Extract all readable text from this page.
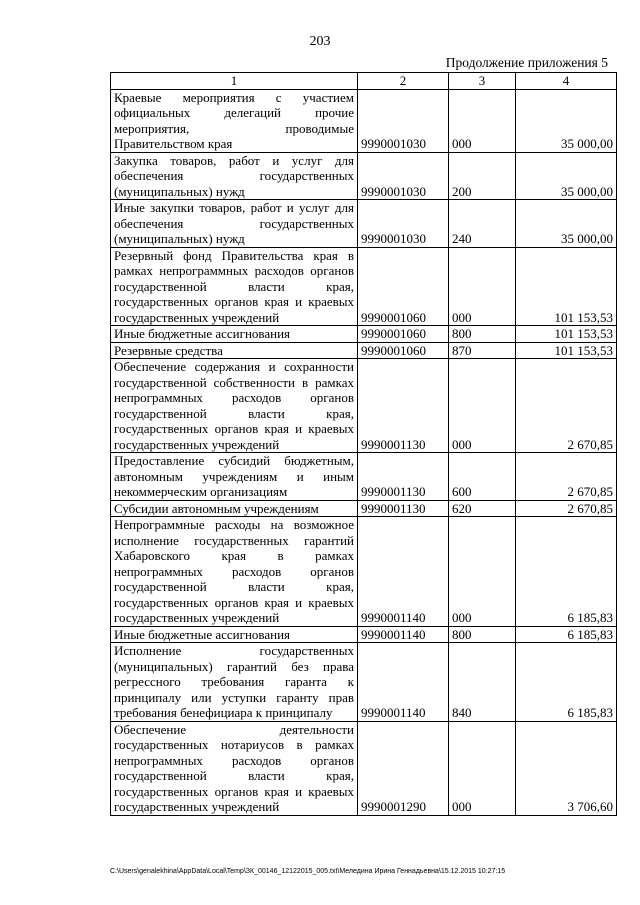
203
Продолжение приложения 5
1	2	3	4
Краевые мероприятия с участием официальных делегаций прочие мероприятия, проводимые Правительством края	9990001030	000	35 000,00
Закупка товаров, работ и услуг для обеспечения государственных (муниципальных) нужд	9990001030	200	35 000,00
Иные закупки товаров, работ и услуг для обеспечения государственных (муниципальных) нужд	9990001030	240	35 000,00
Резервный фонд Правительства края в рамках непрограммных расходов органов государственной власти края, государственных органов края и краевых государственных учреждений	9990001060	000	101 153,53
Иные бюджетные ассигнования	9990001060	800	101 153,53
Резервные средства	9990001060	870	101 153,53
Обеспечение содержания и сохранности государственной собственности в рамках непрограммных расходов органов государственной власти края, государственных органов края и краевых государственных учреждений	9990001130	000	2 670,85
Предоставление субсидий бюджетным, автономным учреждениям и иным некоммерческим организациям	9990001130	600	2 670,85
Субсидии автономным учреждениям	9990001130	620	2 670,85
Непрограммные расходы на возможное исполнение государственных гарантий Хабаровского края в рамках непрограммных расходов органов государственной власти края, государственных органов края и краевых государственных учреждений	9990001140	000	6 185,83
Иные бюджетные ассигнования	9990001140	800	6 185,83
Исполнение государственных (муниципальных) гарантий без права регрессного требования гаранта к принципалу или уступки гаранту прав требования бенефициара к принципалу	9990001140	840	6 185,83
Обеспечение деятельности государственных нотариусов в рамках непрограммных расходов органов государственной власти края, государственных органов края и краевых государственных учреждений	9990001290	000	3 706,60
C:\Users\genalekhina\AppData\Local\Temp\ЗК_00146_12122015_005.txt\Меледина Ирина Геннадьевна\15.12.2015 10:27:15
